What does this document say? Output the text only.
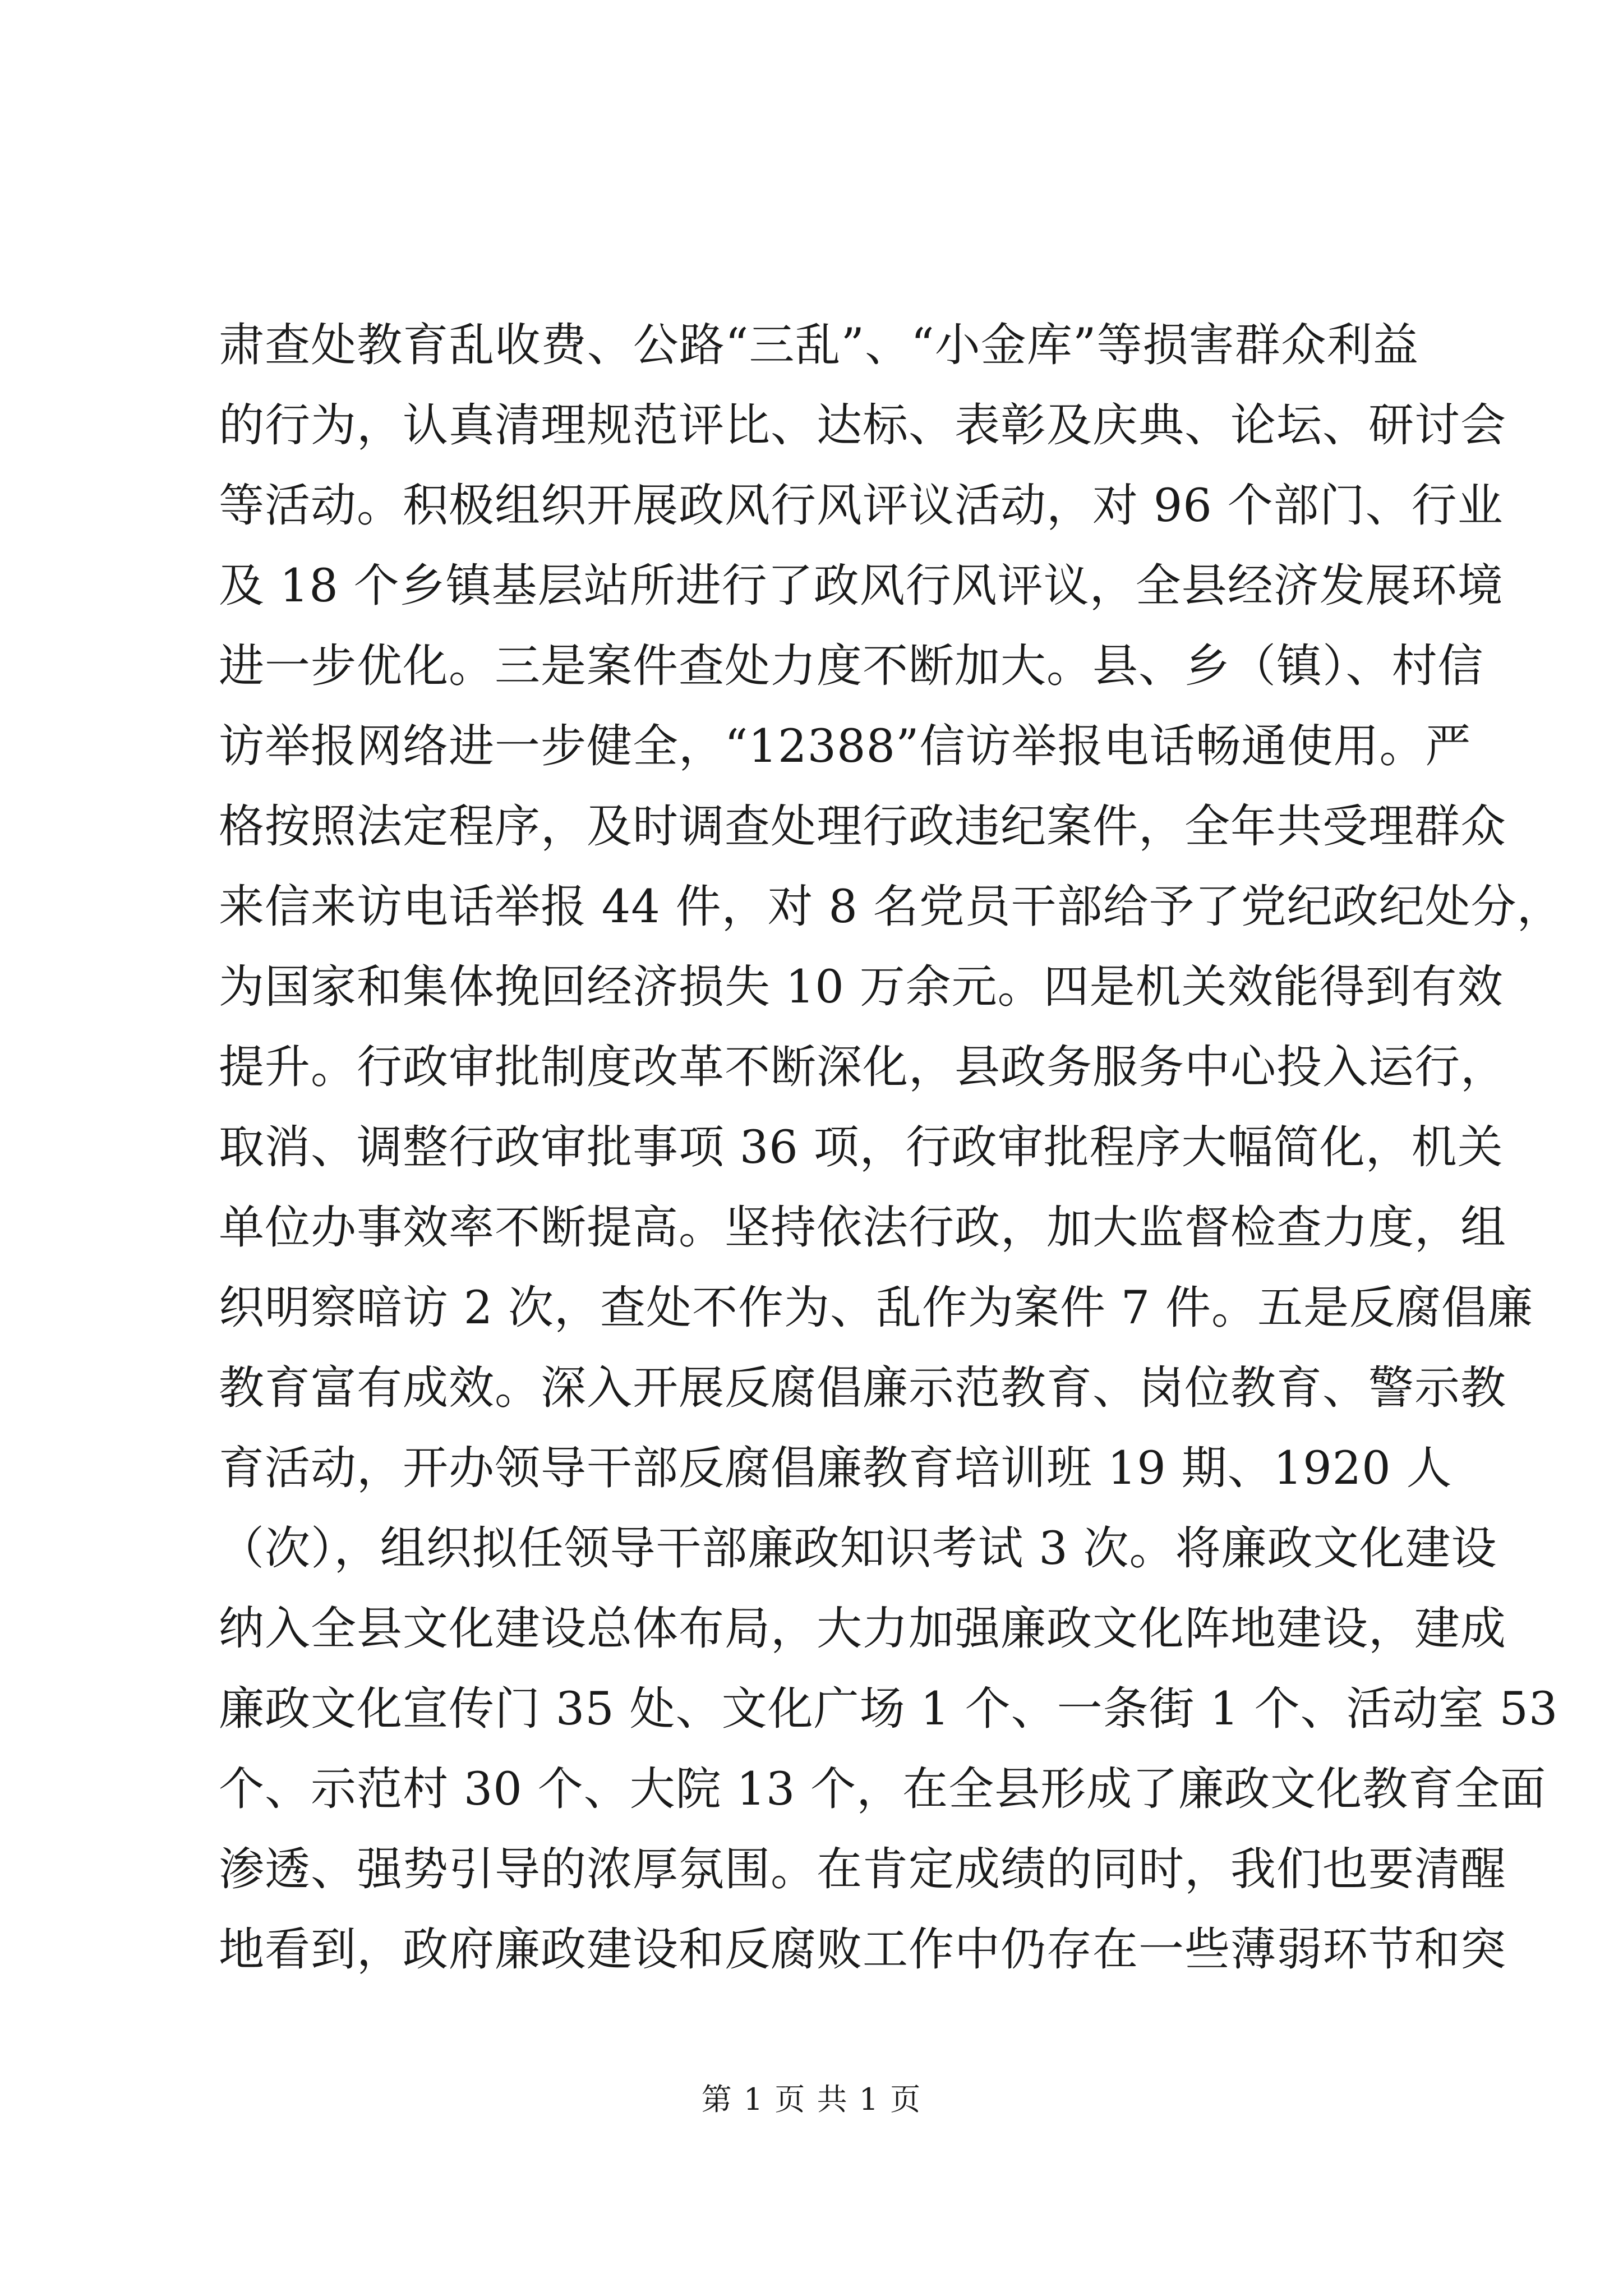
肃查处教育乱收费、公路“三乱”、“小金库”等损害群众利益
的行为，认真清理规范评比、达标、表彰及庆典、论坛、研讨会
等活动。积极组织开展政风行风评议活动，对 96 个部门、行业
及 18 个乡镇基层站所进行了政风行风评议，全县经济发展环境
进一步优化。三是案件查处力度不断加大。县、乡（镇）、村信
访举报网络进一步健全，“12388”信访举报电话畅通使用。严
格按照法定程序，及时调查处理行政违纪案件，全年共受理群众
来信来访电话举报 44 件，对 8 名党员干部给予了党纪政纪处分，
为国家和集体挽回经济损失 10 万余元。四是机关效能得到有效
提升。行政审批制度改革不断深化，县政务服务中心投入运行，
取消、调整行政审批事项 36 项，行政审批程序大幅简化，机关
单位办事效率不断提高。坚持依法行政，加大监督检查力度，组
织明察暗访 2 次，查处不作为、乱作为案件 7 件。五是反腐倡廉
教育富有成效。深入开展反腐倡廉示范教育、岗位教育、警示教
育活动，开办领导干部反腐倡廉教育培训班 19 期、1920 人
（次），组织拟任领导干部廉政知识考试 3 次。将廉政文化建设
纳入全县文化建设总体布局，大力加强廉政文化阵地建设，建成
廉政文化宣传门 35 处、文化广场 1 个、一条街 1 个、活动室 53
个、示范村 30 个、大院 13 个，在全县形成了廉政文化教育全面
渗透、强势引导的浓厚氛围。在肯定成绩的同时，我们也要清醒
地看到，政府廉政建设和反腐败工作中仍存在一些薄弱环节和突
第 1 页 共 1 页
